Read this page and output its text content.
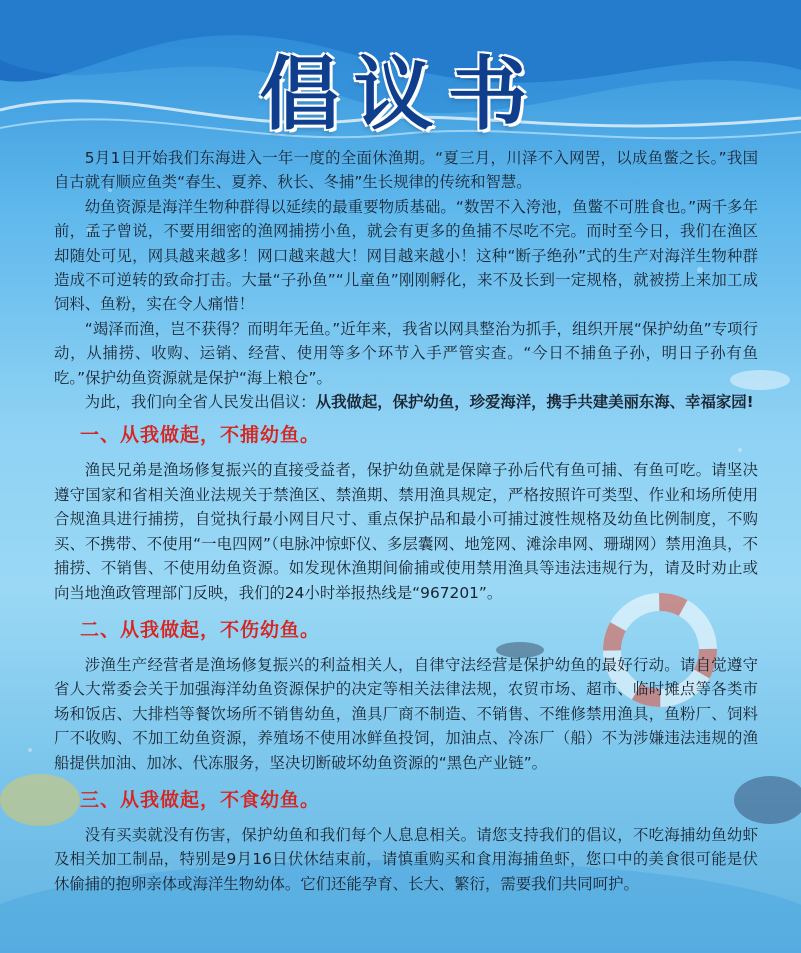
倡议书

5月1日开始我们东海进入一年一度的全面休渔期。“夏三月，川泽不入网罟，以成鱼鳖之长。”我国自古就有顺应鱼类“春生、夏养、秋长、冬捕”生长规律的传统和智慧。

幼鱼资源是海洋生物种群得以延续的最重要物质基础。“数罟不入洿池，鱼鳖不可胜食也。”两千多年前，孟子曾说，不要用细密的渔网捕捞小鱼，就会有更多的鱼捕不尽吃不完。而时至今日，我们在渔区却随处可见，网具越来越多！网口越来越大！网目越来越小！这种“断子绝孙”式的生产对海洋生物种群造成不可逆转的致命打击。大量“子孙鱼”“儿童鱼”刚刚孵化，来不及长到一定规格，就被捞上来加工成饲料、鱼粉，实在令人痛惜！

“竭泽而渔，岂不获得？而明年无鱼。”近年来，我省以网具整治为抓手，组织开展“保护幼鱼”专项行动，从捕捞、收购、运销、经营、使用等多个环节入手严管实查。“今日不捕鱼子孙，明日子孙有鱼吃。”保护幼鱼资源就是保护“海上粮仓”。

为此，我们向全省人民发出倡议：从我做起，保护幼鱼，珍爱海洋，携手共建美丽东海、幸福家园!

一、从我做起，不捕幼鱼。

渔民兄弟是渔场修复振兴的直接受益者，保护幼鱼就是保障子孙后代有鱼可捕、有鱼可吃。请坚决遵守国家和省相关渔业法规关于禁渔区、禁渔期、禁用渔具规定，严格按照许可类型、作业和场所使用合规渔具进行捕捞，自觉执行最小网目尺寸、重点保护品和最小可捕过渡性规格及幼鱼比例制度，不购买、不携带、不使用“一电四网”（电脉冲惊虾仪、多层囊网、地笼网、滩涂串网、珊瑚网）禁用渔具，不捕捞、不销售、不使用幼鱼资源。如发现休渔期间偷捕或使用禁用渔具等违法违规行为，请及时劝止或向当地渔政管理部门反映，我们的24小时举报热线是“967201”。

二、从我做起，不伤幼鱼。

涉渔生产经营者是渔场修复振兴的利益相关人，自律守法经营是保护幼鱼的最好行动。请自觉遵守省人大常委会关于加强海洋幼鱼资源保护的决定等相关法律法规，农贸市场、超市、临时摊点等各类市场和饭店、大排档等餐饮场所不销售幼鱼，渔具厂商不制造、不销售、不维修禁用渔具，鱼粉厂、饲料厂不收购、不加工幼鱼资源，养殖场不使用冰鲜鱼投饲，加油点、冷冻厂（船）不为涉嫌违法违规的渔船提供加油、加冰、代冻服务，坚决切断破坏幼鱼资源的“黑色产业链”。

三、从我做起，不食幼鱼。

没有买卖就没有伤害，保护幼鱼和我们每个人息息相关。请您支持我们的倡议，不吃海捕幼鱼幼虾及相关加工制品，特别是9月16日伏休结束前，请慎重购买和食用海捕鱼虾，您口中的美食很可能是伏休偷捕的抱卵亲体或海洋生物幼体。它们还能孕育、长大、繁衍，需要我们共同呵护。
